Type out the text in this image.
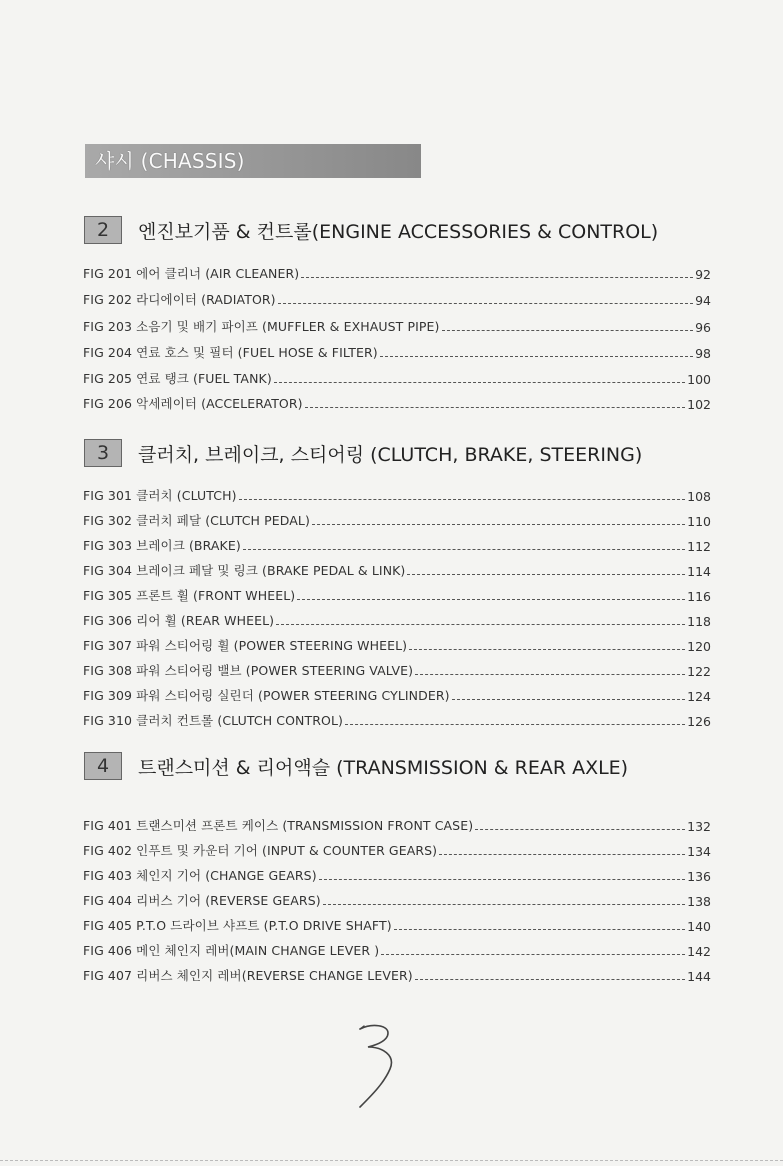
샤시 (CHASSIS)
2	엔진보기품 & 컨트롤(ENGINE ACCESSORIES & CONTROL)
FIG 201 에어 클리너 (AIR CLEANER)	92
FIG 202 라디에이터 (RADIATOR)	94
FIG 203 소음기 및 배기 파이프 (MUFFLER & EXHAUST PIPE)	96
FIG 204 연료 호스 및 필터 (FUEL HOSE & FILTER)	98
FIG 205 연료 탱크 (FUEL TANK)	100
FIG 206 악세레이터 (ACCELERATOR)	102
3	클러치, 브레이크, 스티어링 (CLUTCH, BRAKE, STEERING)
FIG 301 클러치 (CLUTCH)	108
FIG 302 클러치 페달 (CLUTCH PEDAL)	110
FIG 303 브레이크 (BRAKE)	112
FIG 304 브레이크 페달 및 링크 (BRAKE PEDAL & LINK)	114
FIG 305 프론트 휠 (FRONT WHEEL)	116
FIG 306 리어 휠 (REAR WHEEL)	118
FIG 307 파워 스티어링 휠 (POWER STEERING WHEEL)	120
FIG 308 파워 스티어링 밸브 (POWER STEERING VALVE)	122
FIG 309 파워 스티어링 실린더 (POWER STEERING CYLINDER)	124
FIG 310 클러치 컨트롤 (CLUTCH CONTROL)	126
4	트랜스미션 & 리어액슬 (TRANSMISSION & REAR AXLE)
FIG 401 트랜스미션 프론트 케이스 (TRANSMISSION FRONT CASE)	132
FIG 402 인푸트 및 카운터 기어 (INPUT & COUNTER GEARS)	134
FIG 403 체인지 기어 (CHANGE GEARS)	136
FIG 404 리버스 기어 (REVERSE GEARS)	138
FIG 405 P.T.O 드라이브 샤프트 (P.T.O DRIVE SHAFT)	140
FIG 406 메인 체인지 레버(MAIN CHANGE LEVER )	142
FIG 407 리버스 체인지 레버(REVERSE CHANGE LEVER)	144
